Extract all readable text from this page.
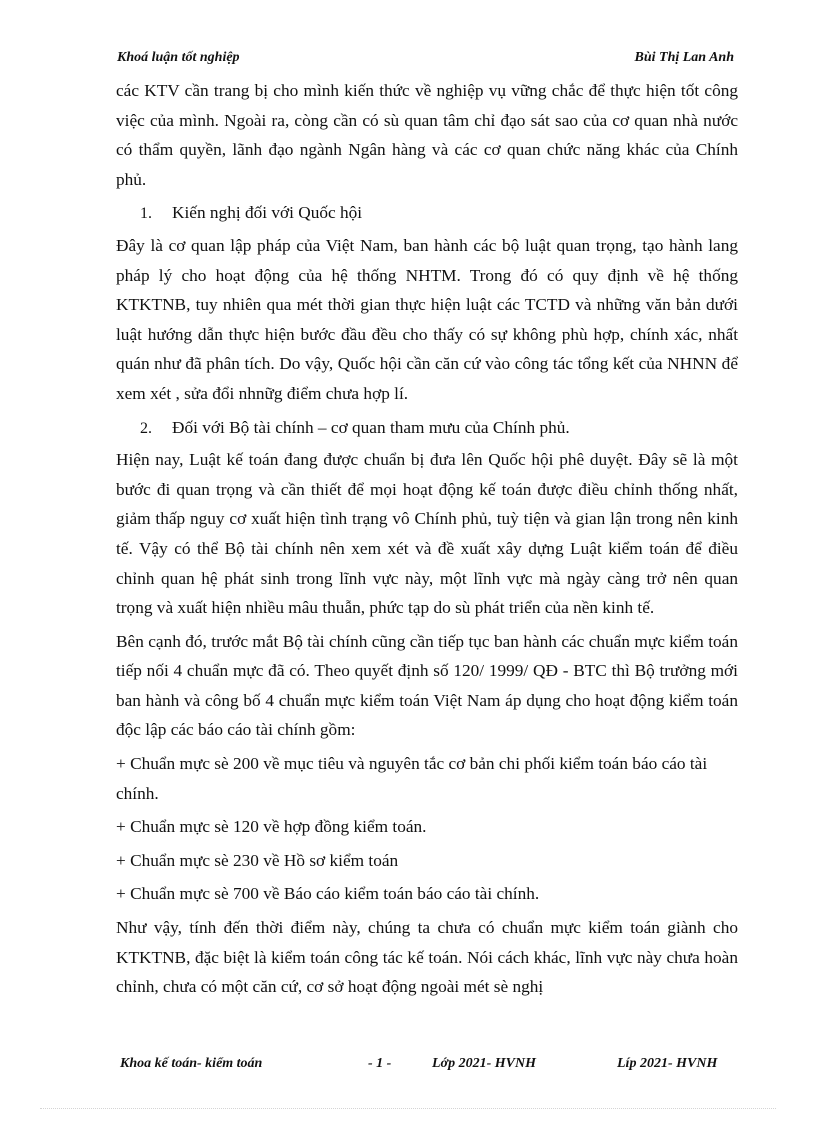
Khoá luận tốt nghiệp	Bùi Thị Lan Anh

các KTV cần trang bị cho mình kiến thức về nghiệp vụ vững chắc để thực hiện tốt công việc của mình. Ngoài ra, còng cần có sù quan tâm chỉ đạo sát sao của cơ quan nhà nước có thẩm quyền, lãnh đạo ngành Ngân hàng và các cơ quan chức năng khác của Chính phủ.

1. Kiến nghị đối với Quốc hội

Đây là cơ quan lập pháp của Việt Nam, ban hành các bộ luật quan trọng, tạo hành lang pháp lý cho hoạt động của hệ thống NHTM. Trong đó có quy định về hệ thống KTKTNB, tuy nhiên qua mét thời gian thực hiện luật các TCTD và những văn bản dưới luật hướng dẫn thực hiện bước đầu đều cho thấy có sự không phù hợp, chính xác, nhất quán như đã phân tích. Do vậy, Quốc hội cần căn cứ vào công tác tổng kết của NHNN để xem xét , sửa đổi nhnữg điểm chưa hợp lí.

2. Đối với Bộ tài chính – cơ quan tham mưu của Chính phủ.

Hiện nay, Luật kế toán đang được chuẩn bị đưa lên Quốc hội phê duyệt. Đây sẽ là một bước đi quan trọng và cần thiết để mọi hoạt động kế toán được điều chỉnh thống nhất, giảm thấp nguy cơ xuất hiện tình trạng vô Chính phủ, tuỳ tiện và gian lận trong nên kinh tế. Vậy có thể Bộ tài chính nên xem xét và đề xuất xây dựng Luật kiểm toán để điều chỉnh quan hệ phát sinh trong lĩnh vực này, một lĩnh vực mà ngày càng trở nên quan trọng và xuất hiện nhiều mâu thuẫn, phức tạp do sù phát triển của nền kinh tế.

Bên cạnh đó, trước mắt Bộ tài chính cũng cần tiếp tục ban hành các chuẩn mực kiểm toán tiếp nối 4 chuẩn mực đã có. Theo quyết định số 120/ 1999/ QĐ - BTC thì Bộ trưởng mới ban hành và công bố 4 chuẩn mực kiểm toán Việt Nam áp dụng cho hoạt động kiểm toán độc lập các báo cáo tài chính gồm:

+ Chuẩn mực sè 200 về mục tiêu và nguyên tắc cơ bản chi phối kiểm toán báo cáo tài chính.

+ Chuẩn mực sè 120 về hợp đồng kiểm toán.

+ Chuẩn mực sè 230 về Hồ sơ kiểm toán

+ Chuẩn mực sè 700 về Báo cáo kiểm toán báo cáo tài chính.

Như vậy, tính đến thời điểm này, chúng ta chưa có chuẩn mực kiểm toán giành cho KTKTNB, đặc biệt là kiểm toán công tác kế toán. Nói cách khác, lĩnh vực này chưa hoàn chỉnh, chưa có một căn cứ, cơ sở hoạt động ngoài mét sè nghị

Khoa kế toán- kiểm toán	- 1 -	Lớp 2021- HVNH	Líp 2021- HVNH
